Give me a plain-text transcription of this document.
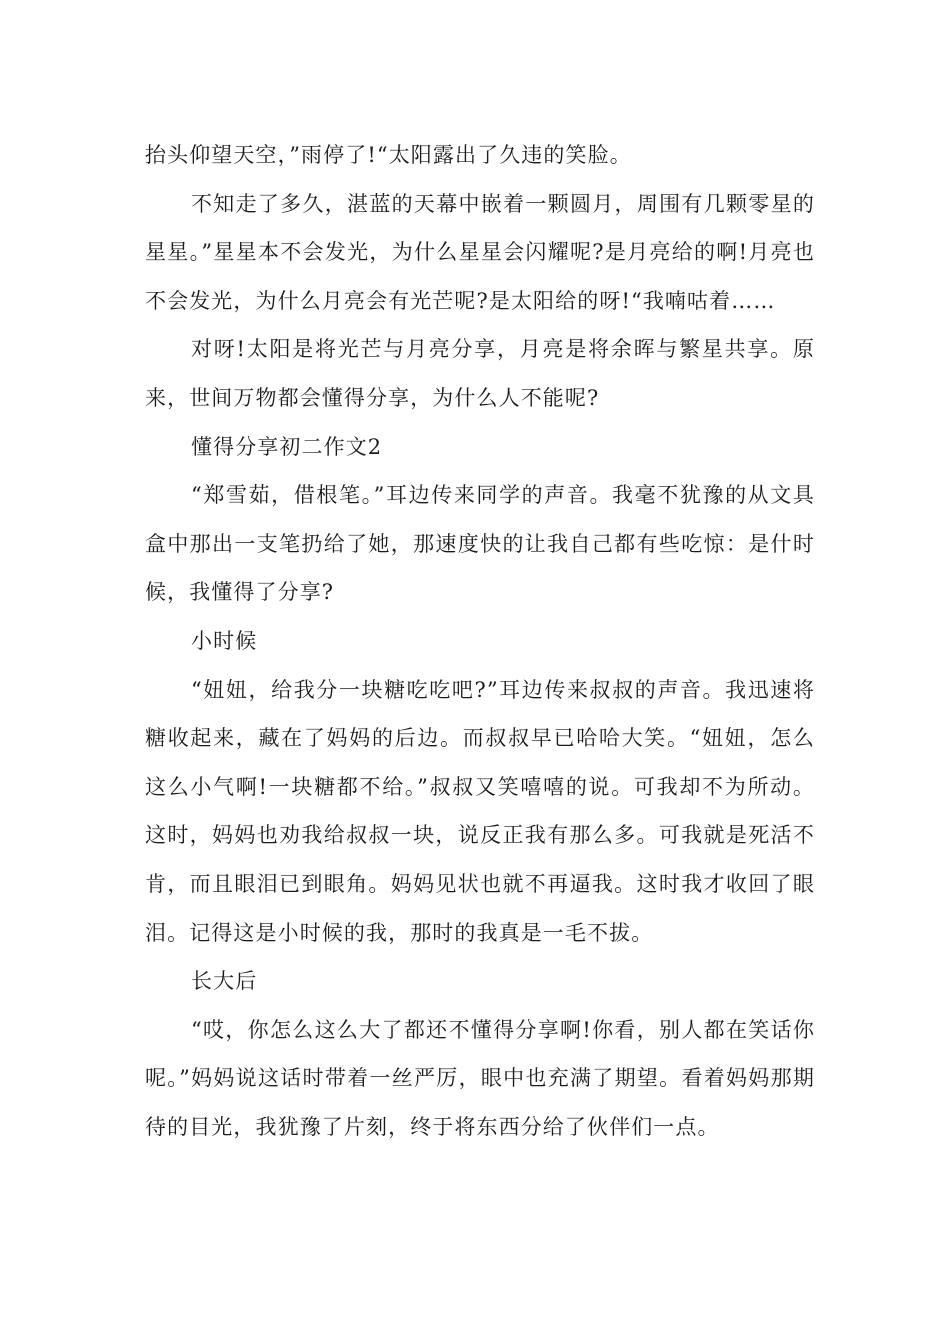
抬头仰望天空，”雨停了!“太阳露出了久违的笑脸。

不知走了多久，湛蓝的天幕中嵌着一颗圆月，周围有几颗零星的星星。”星星本不会发光，为什么星星会闪耀呢?是月亮给的啊!月亮也不会发光，为什么月亮会有光芒呢?是太阳给的呀!“我喃咕着……

对呀!太阳是将光芒与月亮分享，月亮是将余晖与繁星共享。原来，世间万物都会懂得分享，为什么人不能呢?

懂得分享初二作文2

“郑雪茹，借根笔。”耳边传来同学的声音。我毫不犹豫的从文具盒中那出一支笔扔给了她，那速度快的让我自己都有些吃惊：是什时候，我懂得了分享?

小时候

“妞妞，给我分一块糖吃吃吧?”耳边传来叔叔的声音。我迅速将糖收起来，藏在了妈妈的后边。而叔叔早已哈哈大笑。“妞妞，怎么这么小气啊!一块糖都不给。”叔叔又笑嘻嘻的说。可我却不为所动。这时，妈妈也劝我给叔叔一块，说反正我有那么多。可我就是死活不肯，而且眼泪已到眼角。妈妈见状也就不再逼我。这时我才收回了眼泪。记得这是小时候的我，那时的我真是一毛不拔。

长大后

“哎，你怎么这么大了都还不懂得分享啊!你看，别人都在笑话你呢。”妈妈说这话时带着一丝严厉，眼中也充满了期望。看着妈妈那期待的目光，我犹豫了片刻，终于将东西分给了伙伴们一点。
